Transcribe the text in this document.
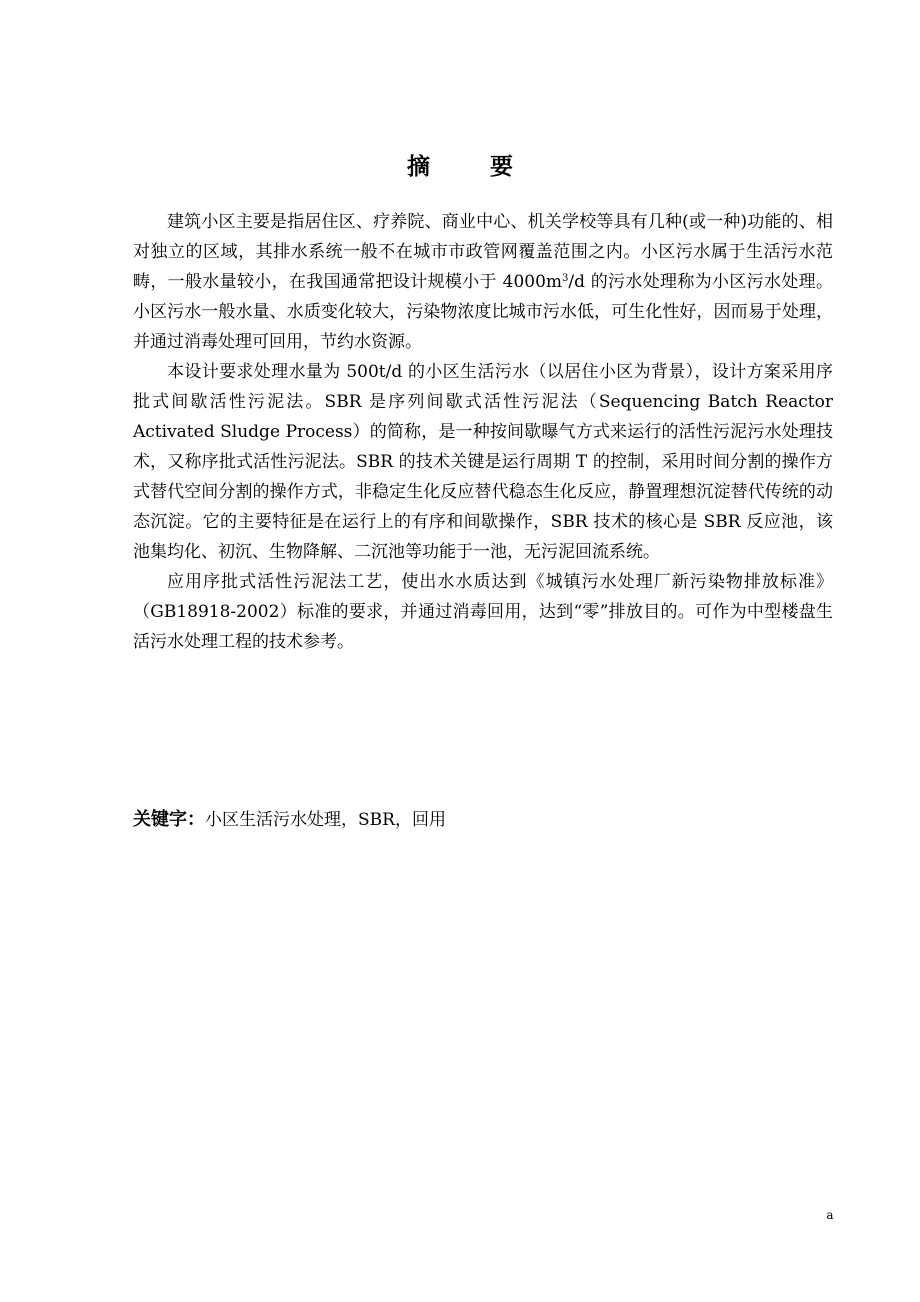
摘 要

建筑小区主要是指居住区、疗养院、商业中心、机关学校等具有几种(或一种)功能的、相对独立的区域，其排水系统一般不在城市市政管网覆盖范围之内。小区污水属于生活污水范畴，一般水量较小，在我国通常把设计规模小于 $4000m^3/d$ 的污水处理称为小区污水处理。小区污水一般水量、水质变化较大，污染物浓度比城市污水低，可生化性好，因而易于处理，并通过消毒处理可回用，节约水资源。

本设计要求处理水量为 500t/d 的小区生活污水（以居住小区为背景），设计方案采用序批式间歇活性污泥法。SBR 是序列间歇式活性污泥法（Sequencing Batch Reactor Activated Sludge Process）的简称，是一种按间歇曝气方式来运行的活性污泥污水处理技术，又称序批式活性污泥法。SBR 的技术关键是运行周期 T 的控制，采用时间分割的操作方式替代空间分割的操作方式，非稳定生化反应替代稳态生化反应，静置理想沉淀替代传统的动态沉淀。它的主要特征是在运行上的有序和间歇操作，SBR 技术的核心是 SBR 反应池，该池集均化、初沉、生物降解、二沉池等功能于一池，无污泥回流系统。

应用序批式活性污泥法工艺，使出水水质达到《城镇污水处理厂新污染物排放标准》（GB18918-2002）标准的要求，并通过消毒回用，达到“零”排放目的。可作为中型楼盘生活污水处理工程的技术参考。

关键字：小区生活污水处理，SBR，回用
a
